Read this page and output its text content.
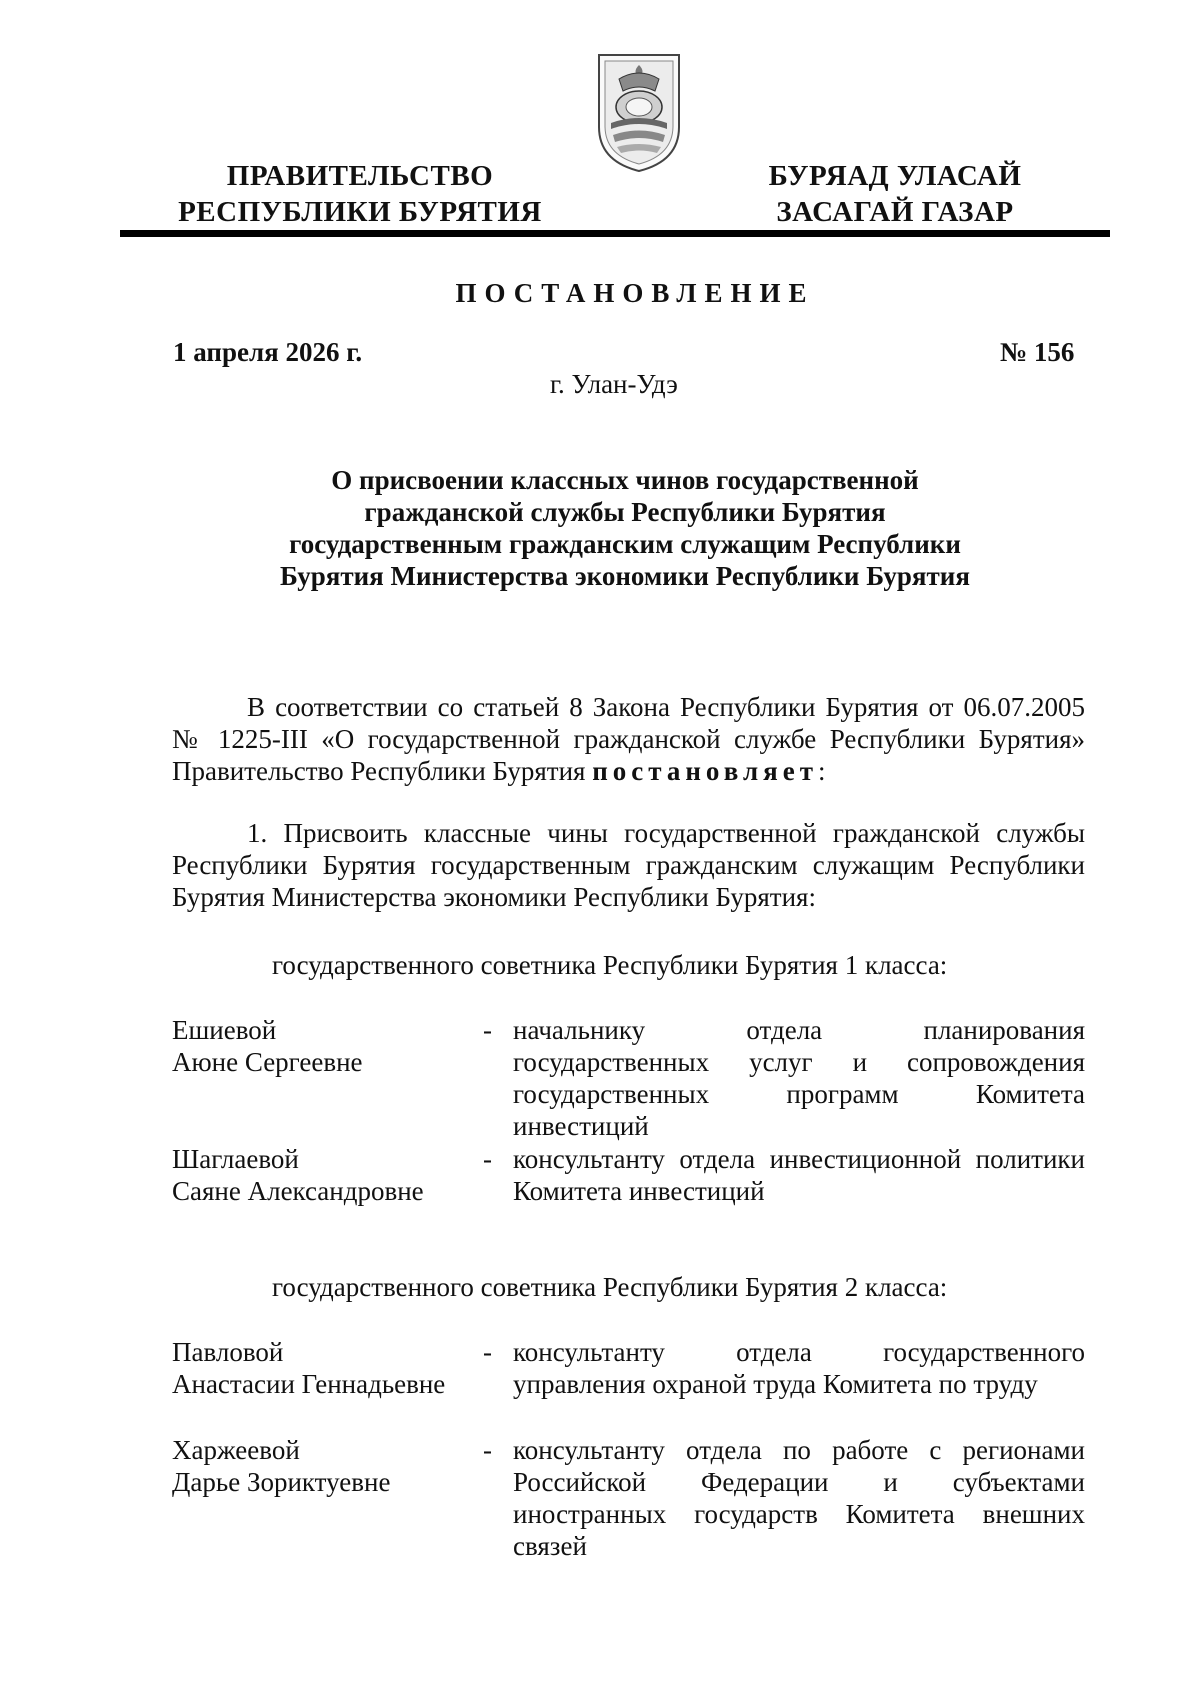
ПРАВИТЕЛЬСТВО
РЕСПУБЛИКИ БУРЯТИЯ
БУРЯАД УЛАСАЙ
ЗАСАГАЙ ГАЗАР
ПОСТАНОВЛЕНИЕ
1 апреля 2026 г.	№ 156
г. Улан-Удэ
О присвоении классных чинов государственной гражданской службы Республики Бурятия государственным гражданским служащим Республики Бурятия Министерства экономики Республики Бурятия
В соответствии со статьей 8 Закона Республики Бурятия от 06.07.2005 № 1225-III «О государственной гражданской службе Республики Бурятия» Правительство Республики Бурятия постановляет:
1. Присвоить классные чины государственной гражданской службы Республики Бурятия государственным гражданским служащим Республики Бурятия Министерства экономики Республики Бурятия:
государственного советника Республики Бурятия 1 класса:
Ешиевой
Аюне Сергеевне
- начальнику отдела планирования государственных услуг и сопровождения государственных программ Комитета инвестиций
Шаглаевой
Саяне Александровне
- консультанту отдела инвестиционной политики Комитета инвестиций
государственного советника Республики Бурятия 2 класса:
Павловой
Анастасии Геннадьевне
- консультанту отдела государственного управления охраной труда Комитета по труду
Харжеевой
Дарье Зориктуевне
- консультанту отдела по работе с регионами Российской Федерации и субъектами иностранных государств Комитета внешних связей
